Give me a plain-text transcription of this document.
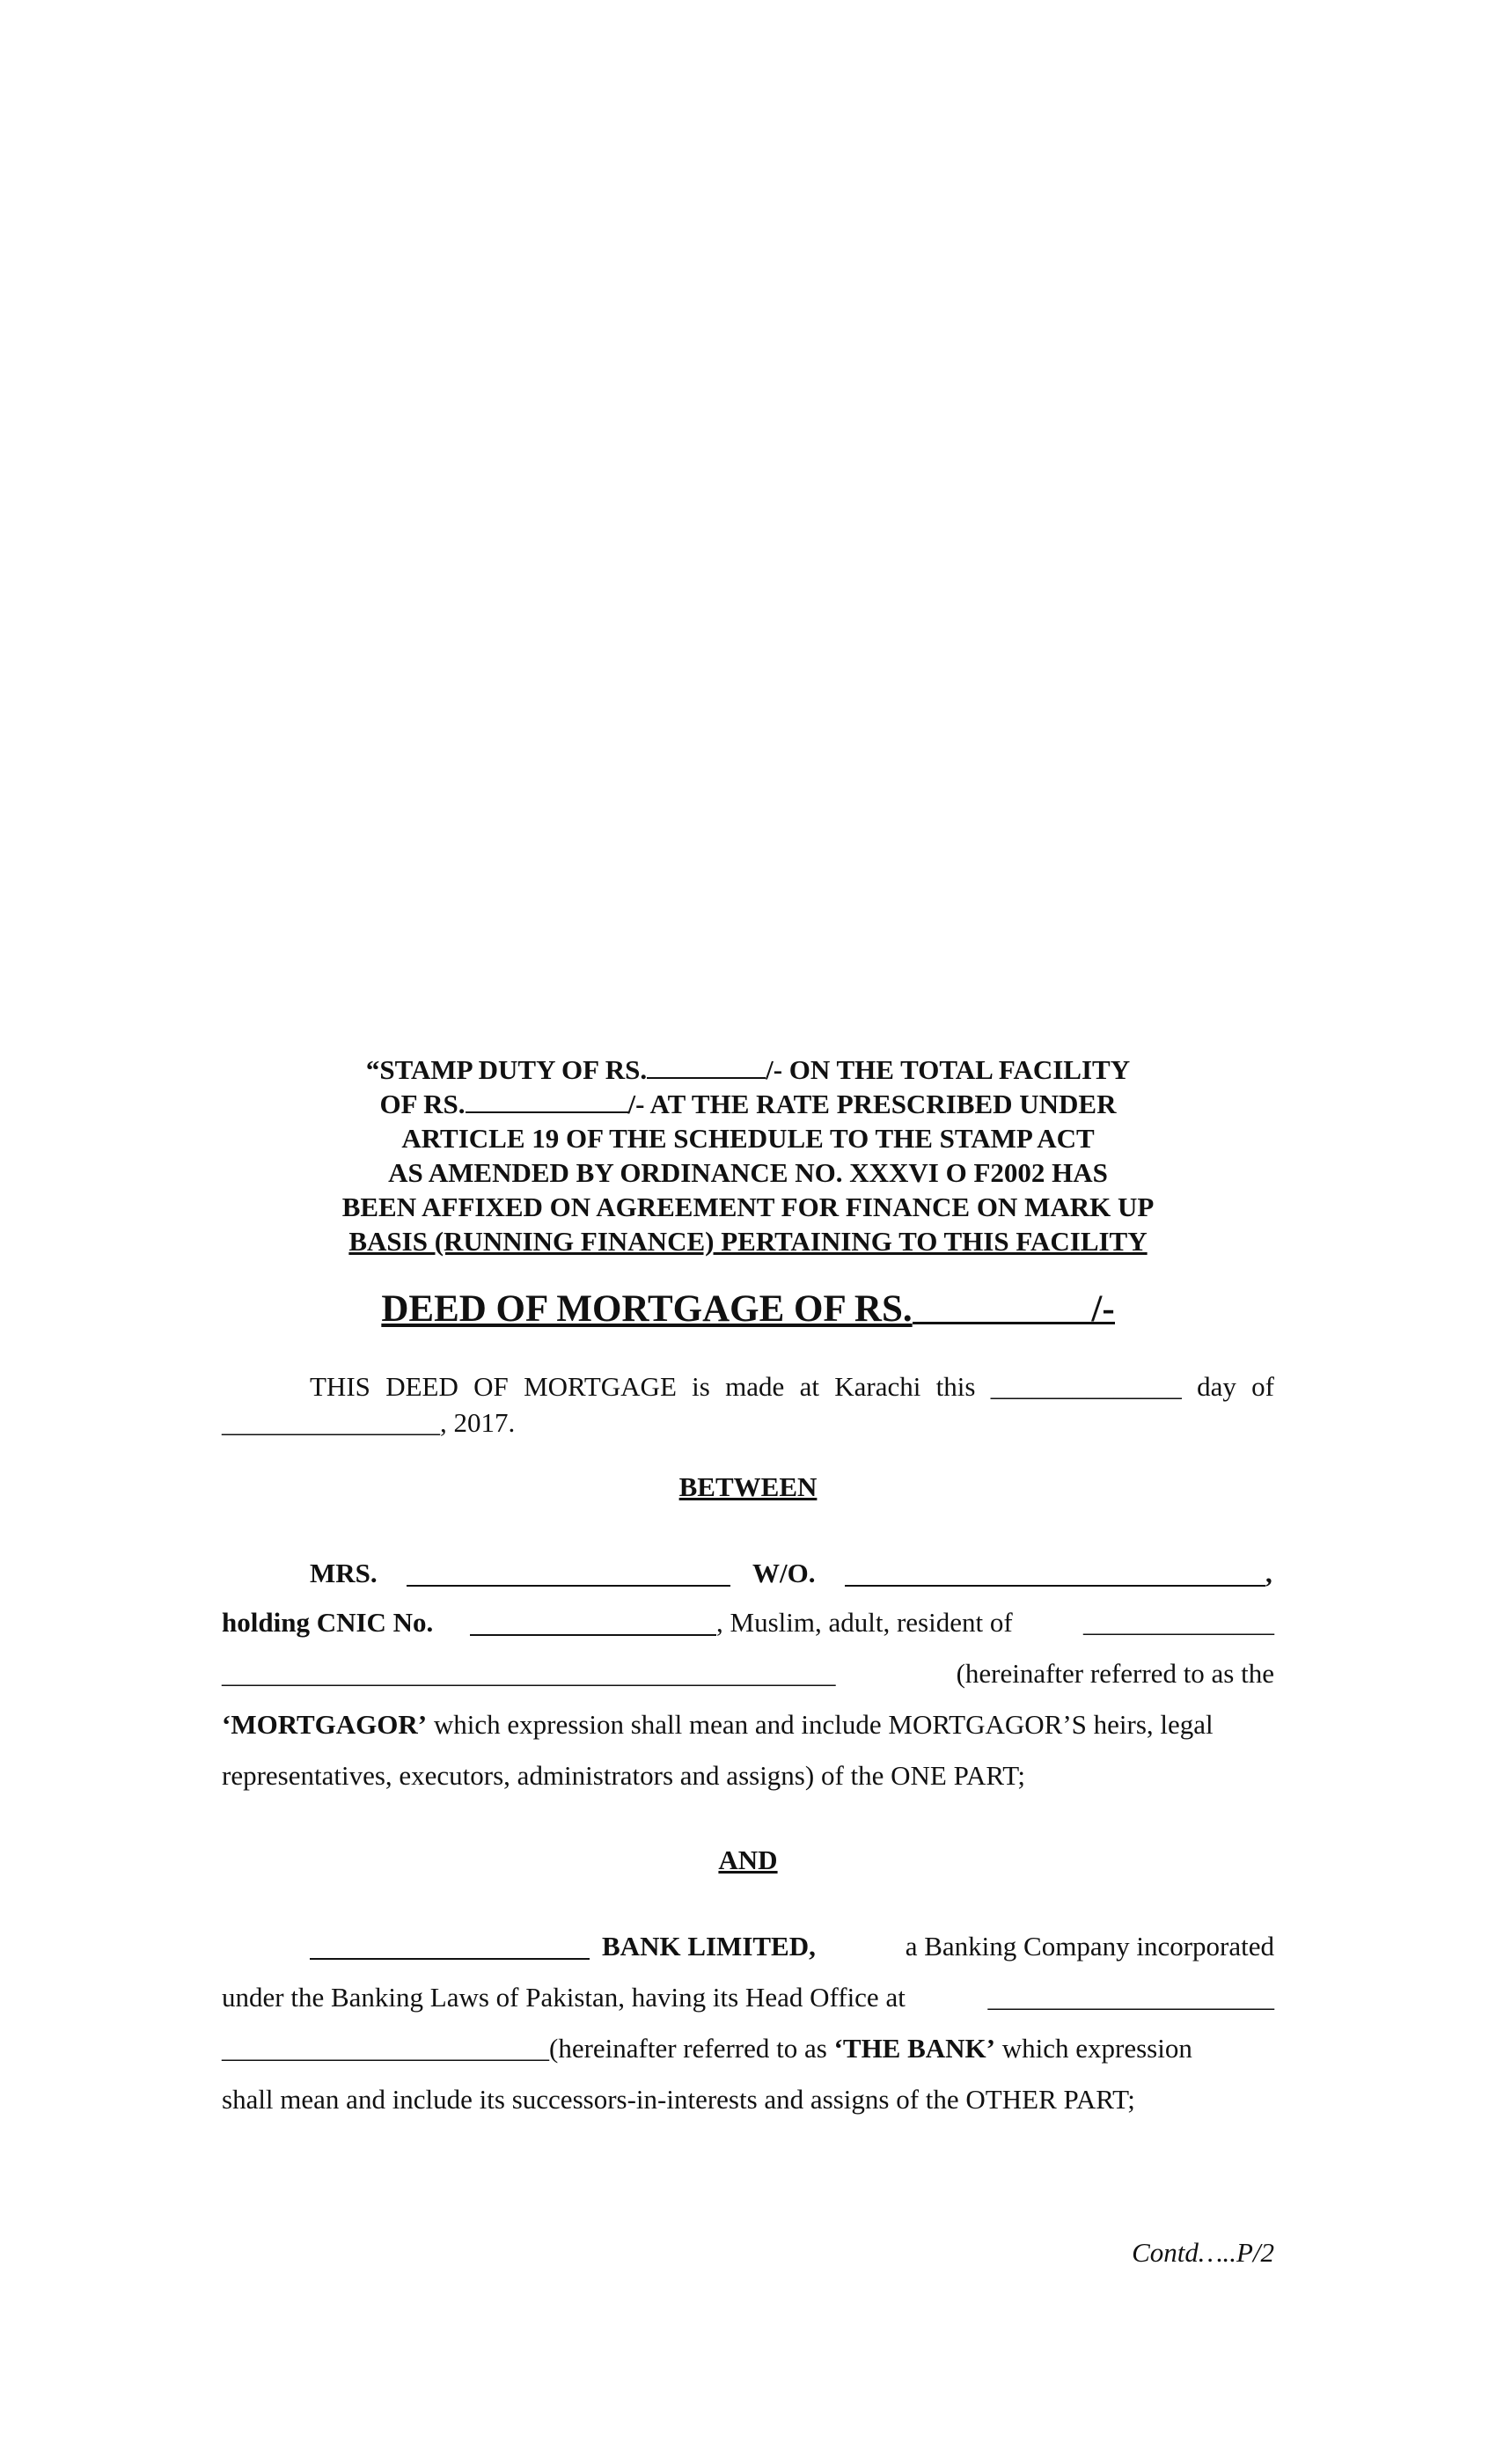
“STAMP DUTY OF RS.	/- ON THE TOTAL FACILITY
OF RS.	/- AT THE RATE PRESCRIBED UNDER
ARTICLE 19 OF THE SCHEDULE TO THE STAMP ACT
AS AMENDED BY ORDINANCE NO. XXXVI O F2002 HAS
BEEN AFFIXED ON AGREEMENT FOR FINANCE ON MARK UP
BASIS (RUNNING FINANCE) PERTAINING TO THIS FACILITY
DEED OF MORTGAGE OF RS.	/-
THIS DEED OF MORTGAGE is made at Karachi this ______________ day of
________________, 2017.
BETWEEN
MRS.	W/O.	,
holding CNIC No.	, Muslim, adult, resident of	______________
_____________________________________________	(hereinafter referred to as the
‘MORTGAGOR’ which expression shall mean and include MORTGAGOR’S heirs, legal
representatives, executors, administrators and assigns) of the ONE PART;
AND
BANK LIMITED,	a Banking Company incorporated
under the Banking Laws of Pakistan, having its Head Office at	_____________________
________________________(hereinafter referred to as ‘THE BANK’ which expression
shall mean and include its successors-in-interests and assigns of the OTHER PART;
Contd…..P/2
